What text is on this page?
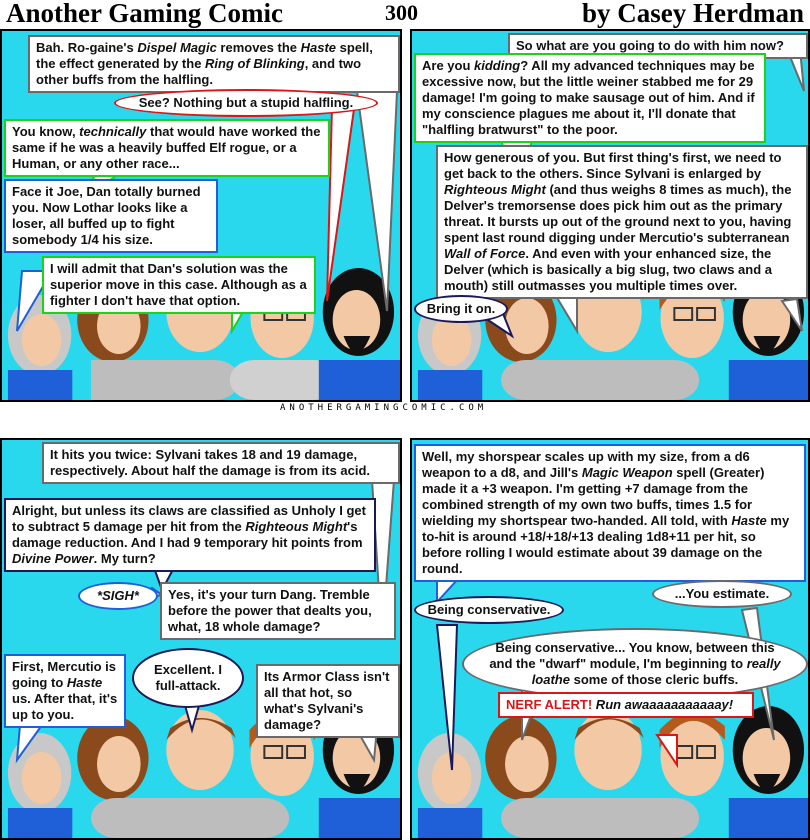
Another Gaming Comic	300	by Casey Herdman
Bah. Ro-gaine's Dispel Magic removes the Haste spell, the effect generated by the Ring of Blinking, and two other buffs from the halfling.
See? Nothing but a stupid halfling.
You know, technically that would have worked the same if he was a heavily buffed Elf rogue, or a Human, or any other race...
Face it Joe, Dan totally burned you. Now Lothar looks like a loser, all buffed up to fight somebody 1/4 his size.
I will admit that Dan's solution was the superior move in this case. Although as a fighter I don't have that option.
So what are you going to do with him now?
Are you kidding? All my advanced techniques may be excessive now, but the little weiner stabbed me for 29 damage! I'm going to make sausage out of him. And if my conscience plagues me about it, I'll donate that "halfling bratwurst" to the poor.
How generous of you. But first thing's first, we need to get back to the others. Since Sylvani is enlarged by Righteous Might (and thus weighs 8 times as much), the Delver's tremorsense does pick him out as the primary threat. It bursts up out of the ground next to you, having spent last round digging under Mercutio's subterranean Wall of Force. And even with your enhanced size, the Delver (which is basically a big slug, two claws and a mouth) still outmasses you multiple times over.
Bring it on.
ANOTHERGAMINGCOMIC.COM
It hits you twice: Sylvani takes 18 and 19 damage, respectively. About half the damage is from its acid.
Alright, but unless its claws are classified as Unholy I get to subtract 5 damage per hit from the Righteous Might's damage reduction. And I had 9 temporary hit points from Divine Power. My turn?
*SIGH*	Yes, it's your turn Dang. Tremble before the power that dealts you, what, 18 whole damage?
First, Mercutio is going to Haste us. After that, it's up to you.
Excellent. I full-attack.
Its Armor Class isn't all that hot, so what's Sylvani's damage?
Well, my shorspear scales up with my size, from a d6 weapon to a d8, and Jill's Magic Weapon spell (Greater) made it a +3 weapon. I'm getting +7 damage from the combined strength of my own two buffs, times 1.5 for wielding my shortspear two-handed. All told, with Haste my to-hit is around +18/+18/+13 dealing 1d8+11 per hit, so before rolling I would estimate about 39 damage on the round.
Being conservative.
...You estimate.
Being conservative... You know, between this and the "dwarf" module, I'm beginning to really loathe some of those cleric buffs.
NERF ALERT! Run awaaaaaaaaaaay!
